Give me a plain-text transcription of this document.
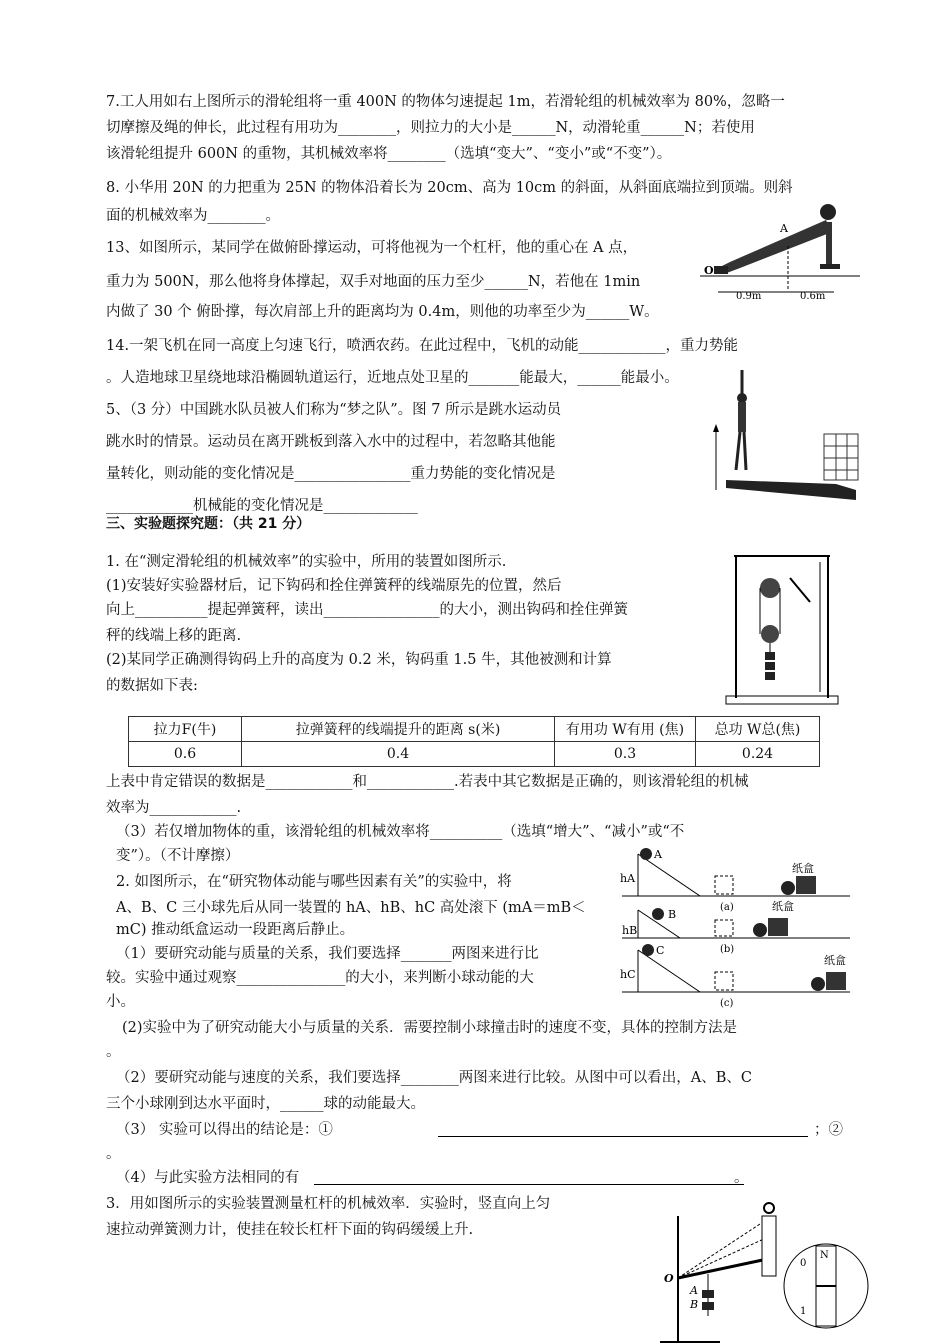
7.工人用如右上图所示的滑轮组将一重 400N 的物体匀速提起 1m，若滑轮组的机械效率为 80%，忽略一
切摩擦及绳的伸长，此过程有用功为________，则拉力的大小是______N，动滑轮重______N；若使用
该滑轮组提升 600N 的重物，其机械效率将________（选填“变大”、“变小”或“不变”）。
8. 小华用 20N 的力把重为 25N 的物体沿着长为 20cm、高为 10cm 的斜面，从斜面底端拉到顶端。则斜
面的机械效率为________。
13、如图所示，某同学在做俯卧撑运动，可将他视为一个杠杆，他的重心在 A 点，
重力为 500N，那么他将身体撑起，双手对地面的压力至少______N，若他在 1min
内做了 30 个 俯卧撑，每次肩部上升的距离均为 0.4m，则他的功率至少为______W。
A
O
0.9m	0.6m
14.一架飞机在同一高度上匀速飞行，喷洒农药。在此过程中，飞机的动能____________，重力势能
。人造地球卫星绕地球沿椭圆轨道运行，近地点处卫星的_______能最大，______能最小。
5、（3 分）中国跳水队员被人们称为“梦之队”。图 7 所示是跳水运动员
跳水时的情景。运动员在离开跳板到落入水中的过程中，若忽略其他能
量转化，则动能的变化情况是________________重力势能的变化情况是
____________机械能的变化情况是_____________
三、实验题探究题：（共 21 分）
1. 在“测定滑轮组的机械效率”的实验中，所用的装置如图所示.
(1)安装好实验器材后，记下钩码和拴住弹簧秤的线端原先的位置，然后
向上__________提起弹簧秤，读出________________的大小，测出钩码和拴住弹簧
秤的线端上移的距离.
(2)某同学正确测得钩码上升的高度为 0.2 米，钩码重 1.5 牛，其他被测和计算
的数据如下表:
拉力F(牛)	拉弹簧秤的线端提升的距离 s(米)	有用功 W有用 (焦)	总功 W总(焦)
0.6	0.4	0.3	0.24
上表中肯定错误的数据是____________和____________.若表中其它数据是正确的，则该滑轮组的机械
效率为____________.
（3）若仅增加物体的重，该滑轮组的机械效率将__________（选填“增大”、“减小”或“不
变”）。（不计摩擦）
2. 如图所示，在“研究物体动能与哪些因素有关”的实验中，将
A、B、C 三小球先后从同一装置的 hA、hB、hC 高处滚下 (mA＝mB＜
mC) 推动纸盒运动一段距离后静止。
（1）要研究动能与质量的关系，我们要选择_______两图来进行比
较。实验中通过观察_______________的大小，来判断小球动能的大
小。
A
hA
纸盒
(a)
B
hB
纸盒
(b)
C
hC
纸盒
(c)
(2)实验中为了研究动能大小与质量的关系．需要控制小球撞击时的速度不变，具体的控制方法是
。
（2）要研究动能与速度的关系，我们要选择________两图来进行比较。从图中可以看出，A、B、C
三个小球刚到达水平面时，______球的动能最大。
（3） 实验可以得出的结论是：①	；②
。
（4）与此实验方法相同的有	。
3．用如图所示的实验装置测量杠杆的机械效率．实验时，竖直向上匀
速拉动弹簧测力计，使挂在较长杠杆下面的钩码缓缓上升.
O
A
B
N
0
1
